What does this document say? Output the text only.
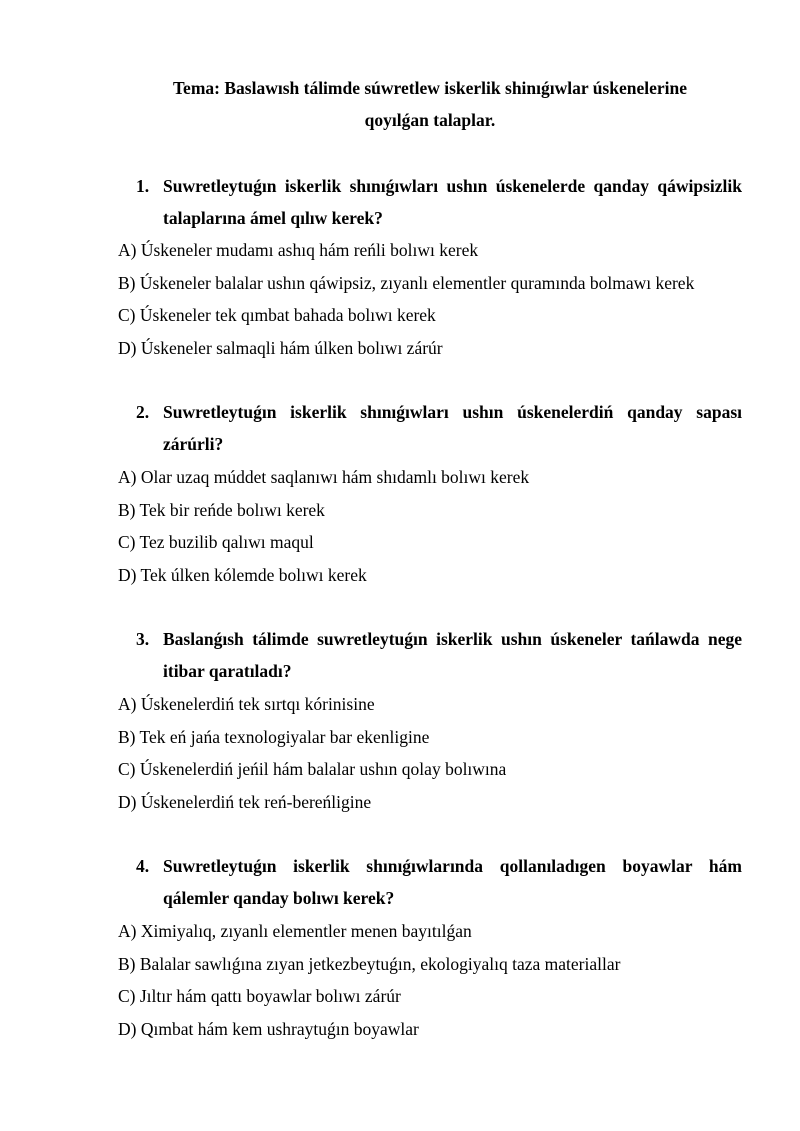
Tema: Baslawısh tálimde súwretlew iskerlik shinıǵıwlar úskenelerine
qoyılǵan talaplar.
1. Suwretleytuǵın iskerlik shınıǵıwları ushın úskenelerde qanday qáwipsizlik talaplarına ámel qılıw kerek?
A) Úskeneler mudamı ashıq hám reńli bolıwı kerek
B) Úskeneler balalar ushın qáwipsiz, zıyanlı elementler quramında bolmawı kerek
C) Úskeneler tek qımbat bahada bolıwı kerek
D) Úskeneler salmaqli hám úlken bolıwı zárúr
2. Suwretleytuǵın iskerlik shınıǵıwları ushın úskenelerdiń qanday sapası zárúrli?
A) Olar uzaq múddet saqlanıwı hám shıdamlı bolıwı kerek
B) Tek bir reńde bolıwı kerek
C) Tez buzilib qalıwı maqul
D) Tek úlken kólemde bolıwı kerek
3. Baslanǵısh tálimde suwretleytuǵın iskerlik ushın úskeneler tańlawda nege itibar qaratıladı?
A) Úskenelerdiń tek sırtqı kórinisine
B) Tek eń jańa texnologiyalar bar ekenligine
C) Úskenelerdiń jeńil hám balalar ushın qolay bolıwına
D) Úskenelerdiń tek reń-bereńligine
4. Suwretleytuǵın iskerlik shınıǵıwlarında qollanıladıgen boyawlar hám qálemler qanday bolıwı kerek?
A) Ximiyalıq, zıyanlı elementler menen bayıtılǵan
B) Balalar sawlıǵına zıyan jetkezbeytuǵın, ekologiyalıq taza materiallar
C) Jıltır hám qattı boyawlar bolıwı zárúr
D) Qımbat hám kem ushraytuǵın boyawlar
